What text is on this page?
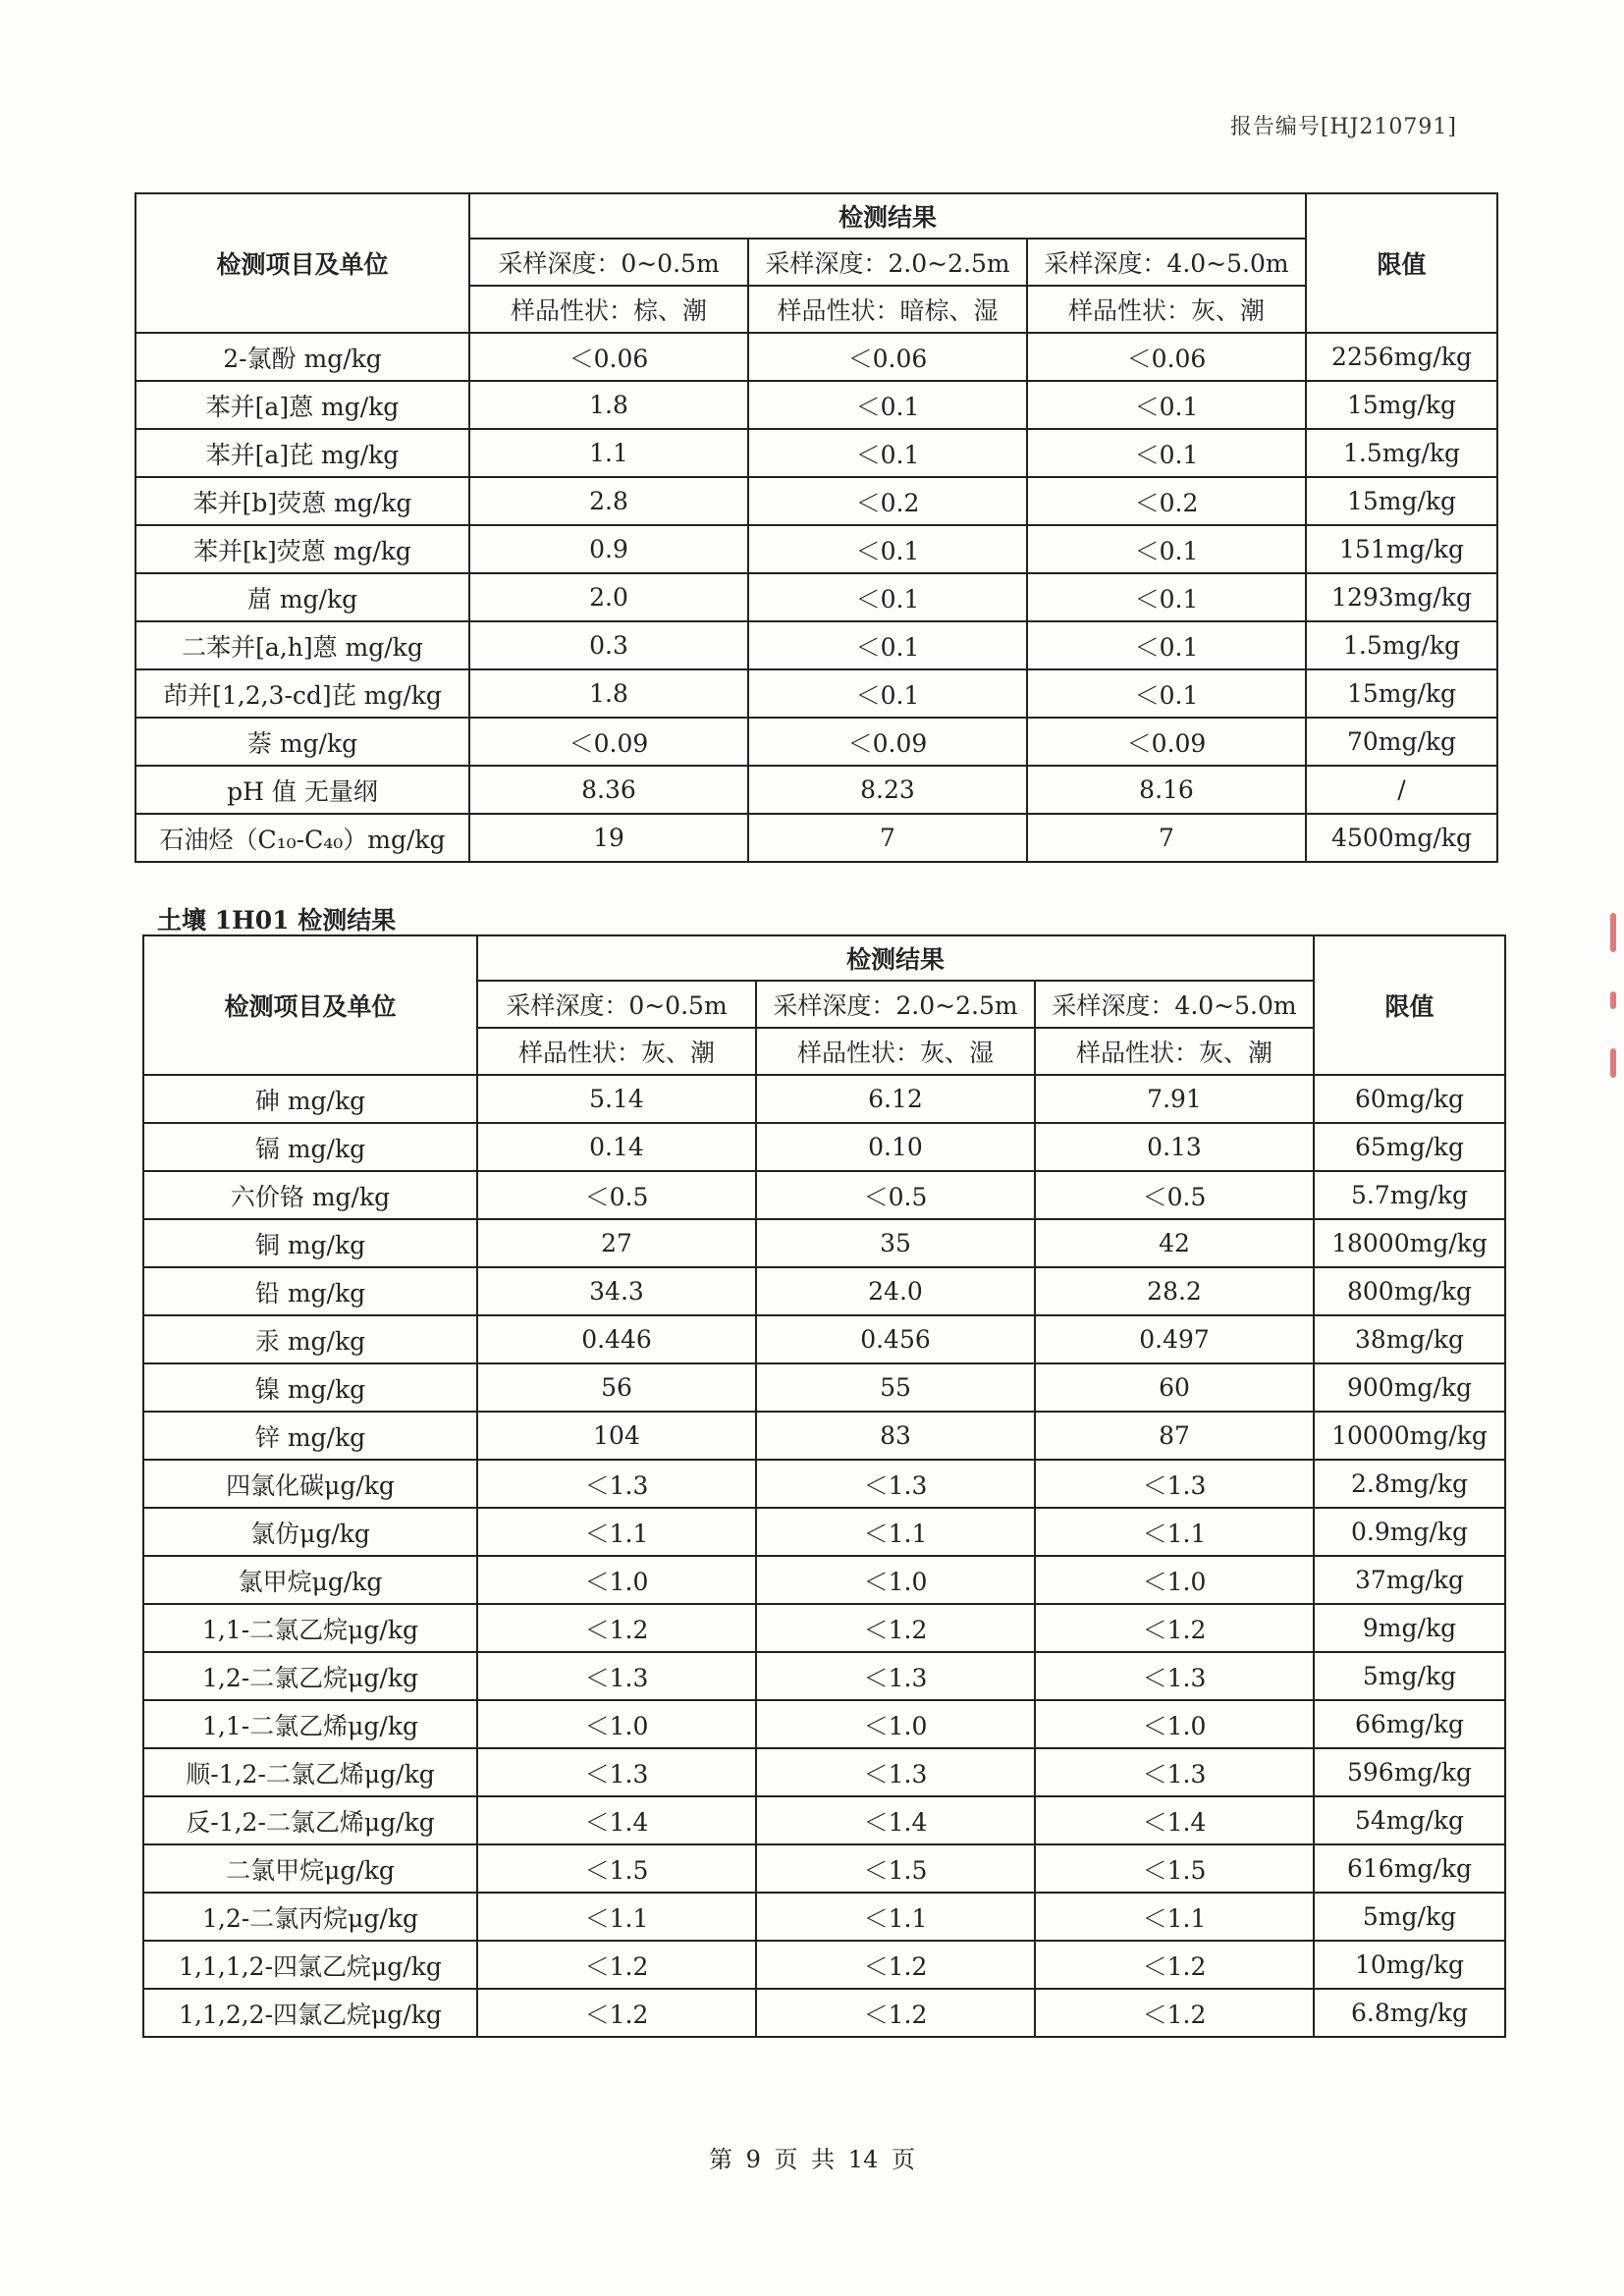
报告编号[HJ210791]
检测项目及单位	检测结果			限值
	采样深度：0~0.5m	采样深度：2.0~2.5m	采样深度：4.0~5.0m	
	样品性状：棕、潮	样品性状：暗棕、湿	样品性状：灰、潮	
2-氯酚 mg/kg	＜0.06	＜0.06	＜0.06	2256mg/kg
苯并[a]蒽 mg/kg	1.8	＜0.1	＜0.1	15mg/kg
苯并[a]芘 mg/kg	1.1	＜0.1	＜0.1	1.5mg/kg
苯并[b]荧蒽 mg/kg	2.8	＜0.2	＜0.2	15mg/kg
苯并[k]荧蒽 mg/kg	0.9	＜0.1	＜0.1	151mg/kg
䓛 mg/kg	2.0	＜0.1	＜0.1	1293mg/kg
二苯并[a,h]蒽 mg/kg	0.3	＜0.1	＜0.1	1.5mg/kg
茚并[1,2,3-cd]芘 mg/kg	1.8	＜0.1	＜0.1	15mg/kg
萘 mg/kg	＜0.09	＜0.09	＜0.09	70mg/kg
pH 值 无量纲	8.36	8.23	8.16	/
石油烃（C₁₀-C₄₀）mg/kg	19	7	7	4500mg/kg
土壤 1H01 检测结果
检测项目及单位	检测结果			限值
	采样深度：0~0.5m	采样深度：2.0~2.5m	采样深度：4.0~5.0m	
	样品性状：灰、潮	样品性状：灰、湿	样品性状：灰、潮	
砷 mg/kg	5.14	6.12	7.91	60mg/kg
镉 mg/kg	0.14	0.10	0.13	65mg/kg
六价铬 mg/kg	＜0.5	＜0.5	＜0.5	5.7mg/kg
铜 mg/kg	27	35	42	18000mg/kg
铅 mg/kg	34.3	24.0	28.2	800mg/kg
汞 mg/kg	0.446	0.456	0.497	38mg/kg
镍 mg/kg	56	55	60	900mg/kg
锌 mg/kg	104	83	87	10000mg/kg
四氯化碳μg/kg	＜1.3	＜1.3	＜1.3	2.8mg/kg
氯仿μg/kg	＜1.1	＜1.1	＜1.1	0.9mg/kg
氯甲烷μg/kg	＜1.0	＜1.0	＜1.0	37mg/kg
1,1-二氯乙烷μg/kg	＜1.2	＜1.2	＜1.2	9mg/kg
1,2-二氯乙烷μg/kg	＜1.3	＜1.3	＜1.3	5mg/kg
1,1-二氯乙烯μg/kg	＜1.0	＜1.0	＜1.0	66mg/kg
顺-1,2-二氯乙烯μg/kg	＜1.3	＜1.3	＜1.3	596mg/kg
反-1,2-二氯乙烯μg/kg	＜1.4	＜1.4	＜1.4	54mg/kg
二氯甲烷μg/kg	＜1.5	＜1.5	＜1.5	616mg/kg
1,2-二氯丙烷μg/kg	＜1.1	＜1.1	＜1.1	5mg/kg
1,1,1,2-四氯乙烷μg/kg	＜1.2	＜1.2	＜1.2	10mg/kg
1,1,2,2-四氯乙烷μg/kg	＜1.2	＜1.2	＜1.2	6.8mg/kg
第 9 页 共 14 页
